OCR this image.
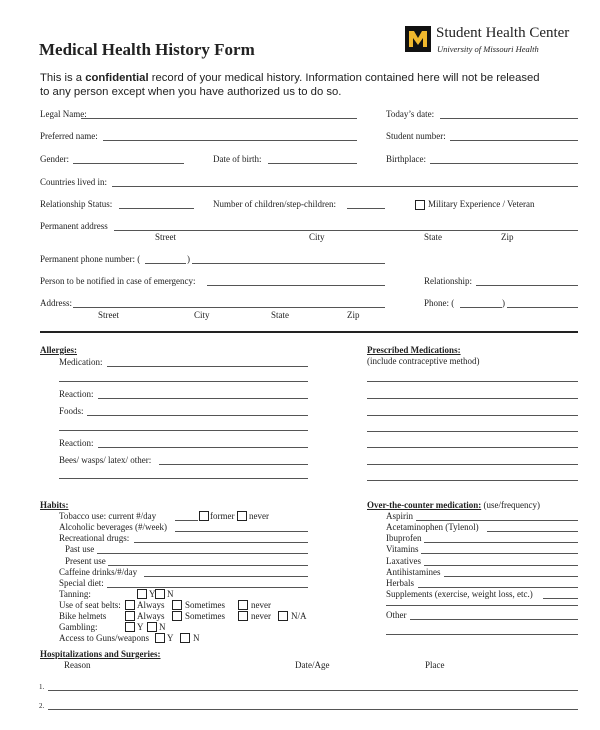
Medical Health History Form
Student Health Center
University of Missouri Health
This is a confidential record of your medical history. Information contained here will not be released
to any person except when you have authorized us to do so.
Legal Name:	Today’s date:
Preferred name:	Student number:
Gender:	Date of birth:	Birthplace:
Countries lived in:
Relationship Status:	Number of children/step-children:	Military Experience / Veteran
Permanent address
Street	City	State	Zip
Permanent phone number: (	)
Person to be notified in case of emergency:	Relationship:
Address:	Phone: (	)
Street	City	State	Zip
Allergies:
Medication:
Reaction:
Foods:
Reaction:
Bees/ wasps/ latex/ other:
Prescribed Medications:
(include contraceptive method)
Habits:
Tobacco use: current #/day	former never
Alcoholic beverages (#/week)
Recreational drugs:
Past use
Present use
Caffeine drinks/#/day
Special diet:
Tanning:	Y N
Use of seat belts: Always Sometimes	never
Bike helmets	Always Sometimes	never N/A
Gambling:	Y N
Access to Guns/weapons Y N
Over-the-counter medication: (use/frequency)
Aspirin
Acetaminophen (Tylenol)
Ibuprofen
Vitamins
Laxatives
Antihistamines
Herbals
Supplements (exercise, weight loss, etc.)
Other
Hospitalizations and Surgeries:
Reason	Date/Age	Place
1.
2.
